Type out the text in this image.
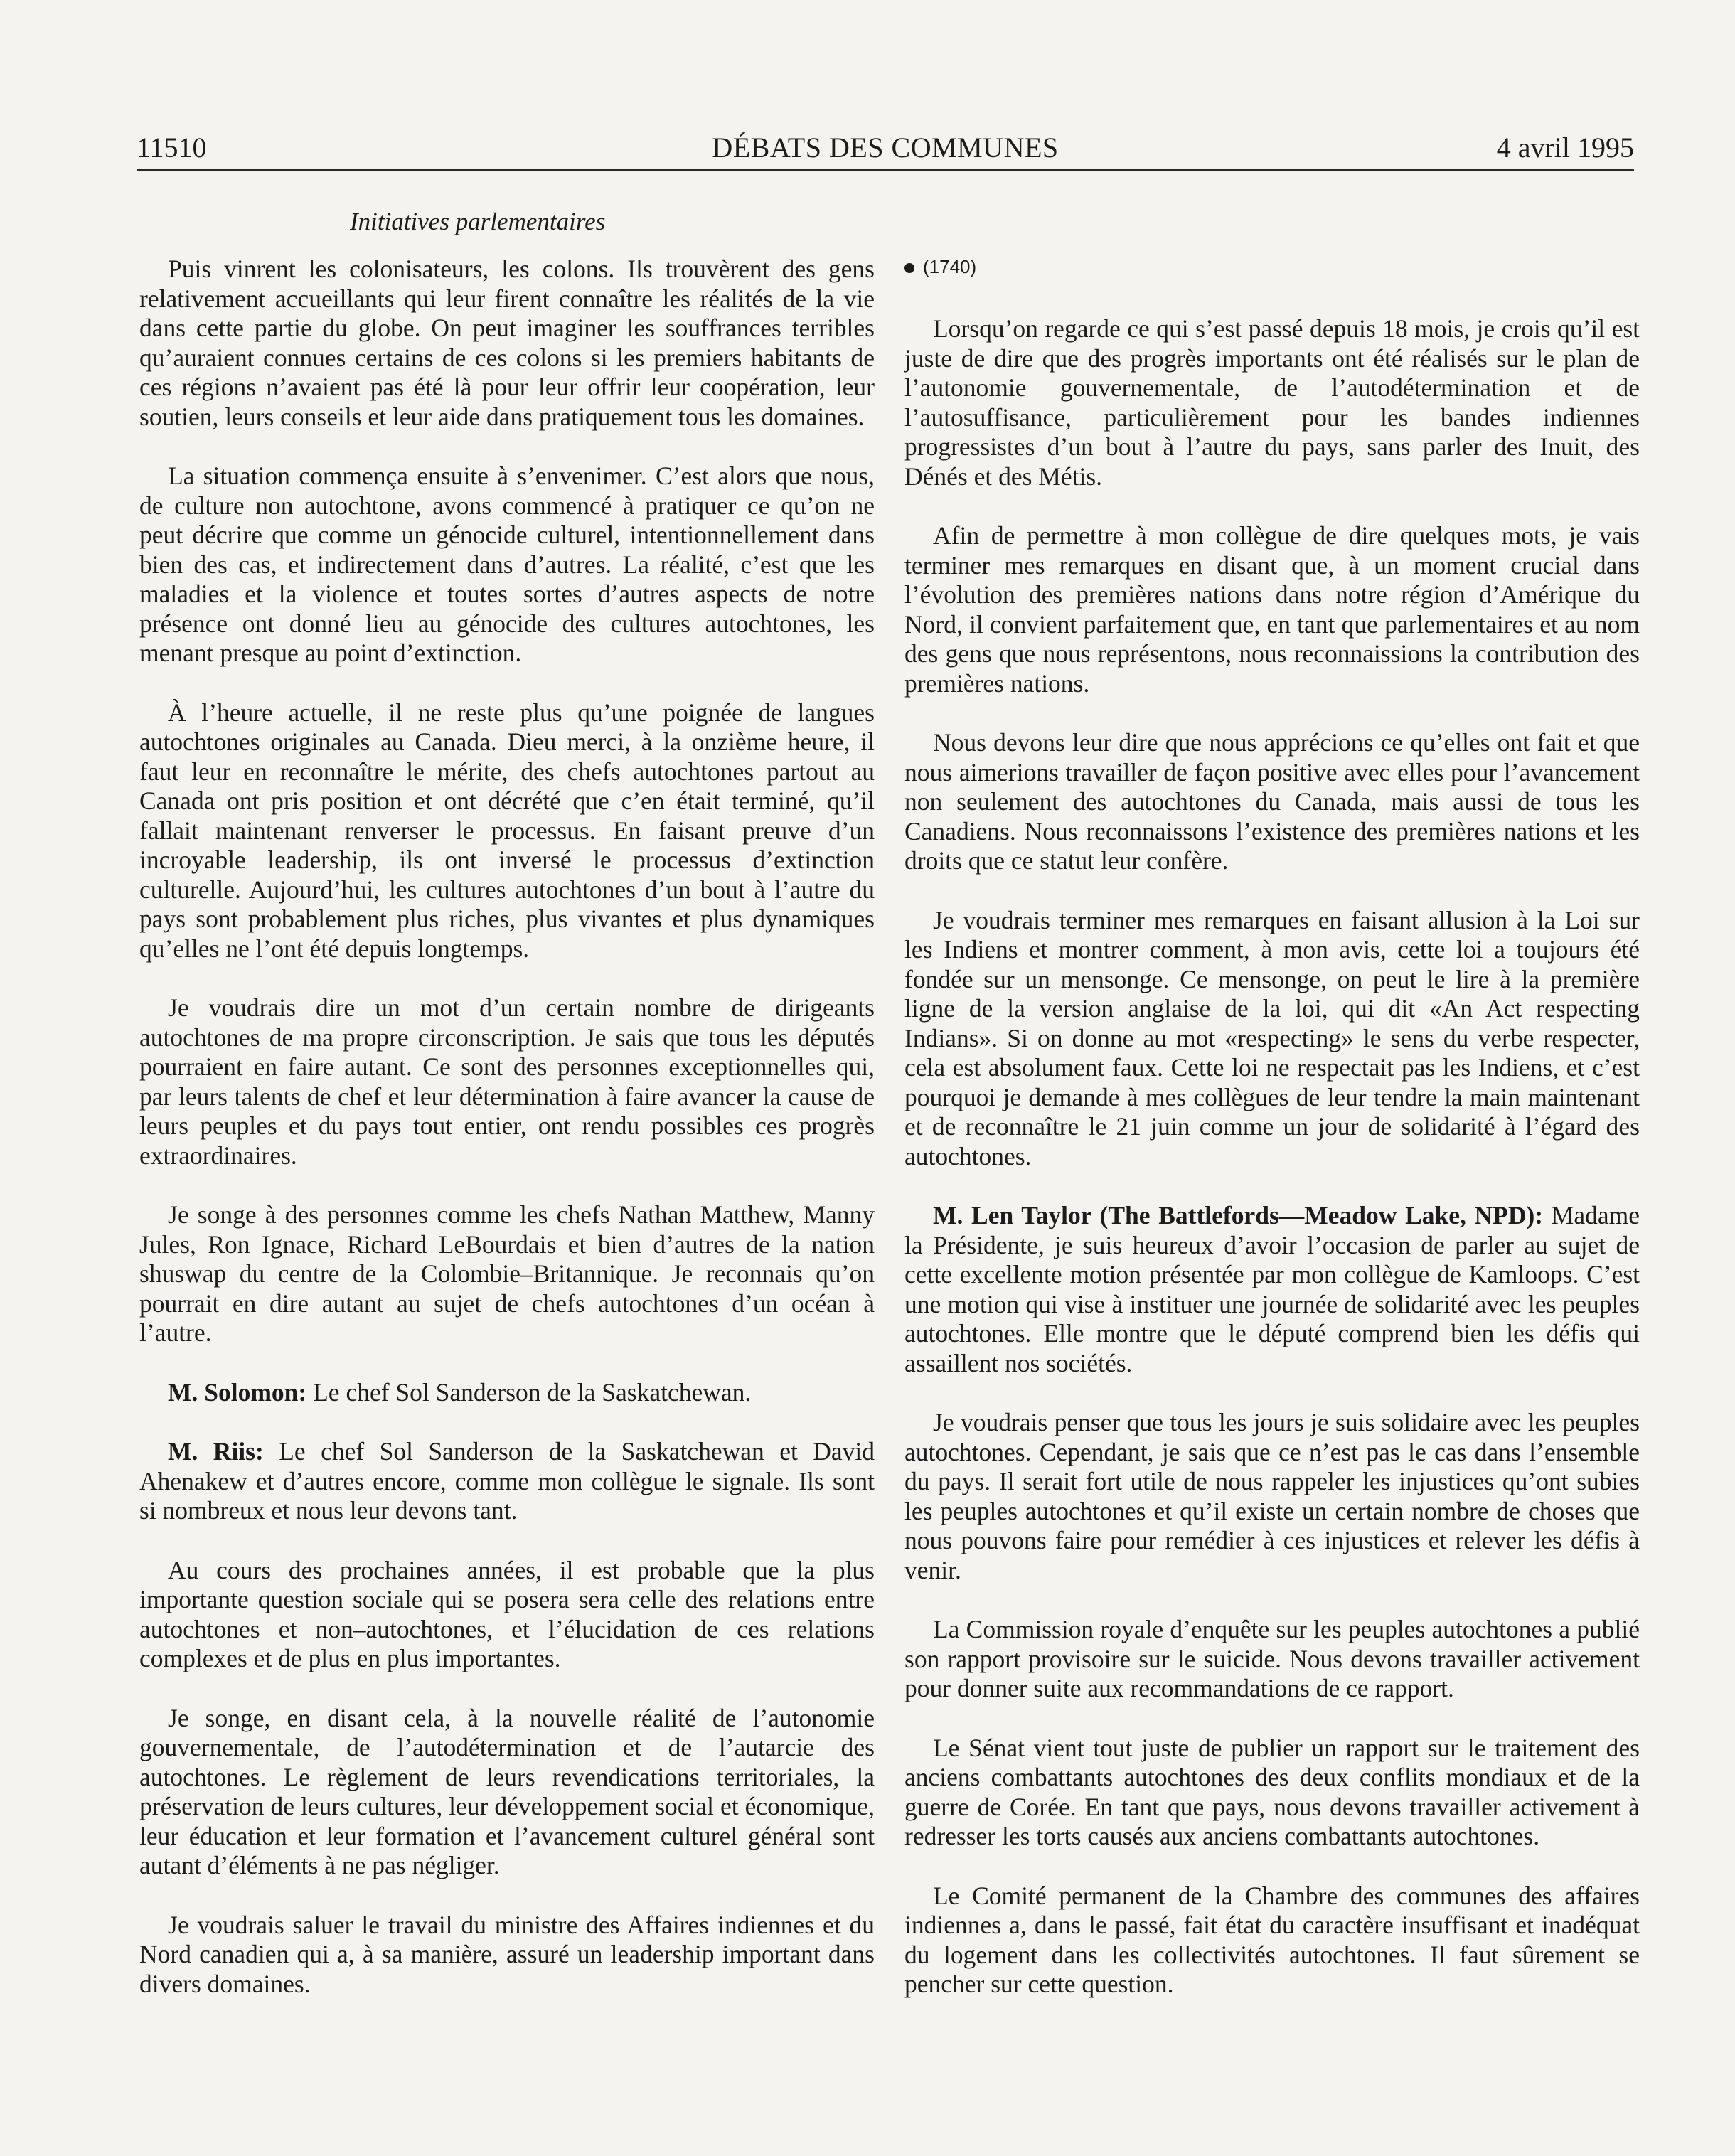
11510	DÉBATS DES COMMUNES	4 avril 1995
Initiatives parlementaires

Puis vinrent les colonisateurs, les colons. Ils trouvèrent des gens relativement accueillants qui leur firent connaître les réalités de la vie dans cette partie du globe. On peut imaginer les souffrances terribles qu’auraient connues certains de ces colons si les premiers habitants de ces régions n’avaient pas été là pour leur offrir leur coopération, leur soutien, leurs conseils et leur aide dans pratiquement tous les domaines.

La situation commença ensuite à s’envenimer. C’est alors que nous, de culture non autochtone, avons commencé à pratiquer ce qu’on ne peut décrire que comme un génocide culturel, intentionnellement dans bien des cas, et indirectement dans d’autres. La réalité, c’est que les maladies et la violence et toutes sortes d’autres aspects de notre présence ont donné lieu au génocide des cultures autochtones, les menant presque au point d’extinction.

À l’heure actuelle, il ne reste plus qu’une poignée de langues autochtones originales au Canada. Dieu merci, à la onzième heure, il faut leur en reconnaître le mérite, des chefs autochtones partout au Canada ont pris position et ont décrété que c’en était terminé, qu’il fallait maintenant renverser le processus. En faisant preuve d’un incroyable leadership, ils ont inversé le processus d’extinction culturelle. Aujourd’hui, les cultures autochtones d’un bout à l’autre du pays sont probablement plus riches, plus vivantes et plus dynamiques qu’elles ne l’ont été depuis longtemps.

Je voudrais dire un mot d’un certain nombre de dirigeants autochtones de ma propre circonscription. Je sais que tous les députés pourraient en faire autant. Ce sont des personnes exceptionnelles qui, par leurs talents de chef et leur détermination à faire avancer la cause de leurs peuples et du pays tout entier, ont rendu possibles ces progrès extraordinaires.

Je songe à des personnes comme les chefs Nathan Matthew, Manny Jules, Ron Ignace, Richard LeBourdais et bien d’autres de la nation shuswap du centre de la Colombie–Britannique. Je reconnais qu’on pourrait en dire autant au sujet de chefs autochtones d’un océan à l’autre.

M. Solomon: Le chef Sol Sanderson de la Saskatchewan.

M. Riis: Le chef Sol Sanderson de la Saskatchewan et David Ahenakew et d’autres encore, comme mon collègue le signale. Ils sont si nombreux et nous leur devons tant.

Au cours des prochaines années, il est probable que la plus importante question sociale qui se posera sera celle des relations entre autochtones et non–autochtones, et l’élucidation de ces relations complexes et de plus en plus importantes.

Je songe, en disant cela, à la nouvelle réalité de l’autonomie gouvernementale, de l’autodétermination et de l’autarcie des autochtones. Le règlement de leurs revendications territoriales, la préservation de leurs cultures, leur développement social et économique, leur éducation et leur formation et l’avancement culturel général sont autant d’éléments à ne pas négliger.

Je voudrais saluer le travail du ministre des Affaires indiennes et du Nord canadien qui a, à sa manière, assuré un leadership important dans divers domaines.

(1740)

Lorsqu’on regarde ce qui s’est passé depuis 18 mois, je crois qu’il est juste de dire que des progrès importants ont été réalisés sur le plan de l’autonomie gouvernementale, de l’autodétermination et de l’autosuffisance, particulièrement pour les bandes indiennes progressistes d’un bout à l’autre du pays, sans parler des Inuit, des Dénés et des Métis.

Afin de permettre à mon collègue de dire quelques mots, je vais terminer mes remarques en disant que, à un moment crucial dans l’évolution des premières nations dans notre région d’Amérique du Nord, il convient parfaitement que, en tant que parlementaires et au nom des gens que nous représentons, nous reconnaissions la contribution des premières nations.

Nous devons leur dire que nous apprécions ce qu’elles ont fait et que nous aimerions travailler de façon positive avec elles pour l’avancement non seulement des autochtones du Canada, mais aussi de tous les Canadiens. Nous reconnaissons l’existence des premières nations et les droits que ce statut leur confère.

Je voudrais terminer mes remarques en faisant allusion à la Loi sur les Indiens et montrer comment, à mon avis, cette loi a toujours été fondée sur un mensonge. Ce mensonge, on peut le lire à la première ligne de la version anglaise de la loi, qui dit «An Act respecting Indians». Si on donne au mot «respecting» le sens du verbe respecter, cela est absolument faux. Cette loi ne respectait pas les Indiens, et c’est pourquoi je demande à mes collègues de leur tendre la main maintenant et de reconnaître le 21 juin comme un jour de solidarité à l’égard des autochtones.

M. Len Taylor (The Battlefords—Meadow Lake, NPD): Madame la Présidente, je suis heureux d’avoir l’occasion de parler au sujet de cette excellente motion présentée par mon collègue de Kamloops. C’est une motion qui vise à instituer une journée de solidarité avec les peuples autochtones. Elle montre que le député comprend bien les défis qui assaillent nos sociétés.

Je voudrais penser que tous les jours je suis solidaire avec les peuples autochtones. Cependant, je sais que ce n’est pas le cas dans l’ensemble du pays. Il serait fort utile de nous rappeler les injustices qu’ont subies les peuples autochtones et qu’il existe un certain nombre de choses que nous pouvons faire pour remédier à ces injustices et relever les défis à venir.

La Commission royale d’enquête sur les peuples autochtones a publié son rapport provisoire sur le suicide. Nous devons travailler activement pour donner suite aux recommandations de ce rapport.

Le Sénat vient tout juste de publier un rapport sur le traitement des anciens combattants autochtones des deux conflits mondiaux et de la guerre de Corée. En tant que pays, nous devons travailler activement à redresser les torts causés aux anciens combattants autochtones.

Le Comité permanent de la Chambre des communes des affaires indiennes a, dans le passé, fait état du caractère insuffisant et inadéquat du logement dans les collectivités autochtones. Il faut sûrement se pencher sur cette question.
